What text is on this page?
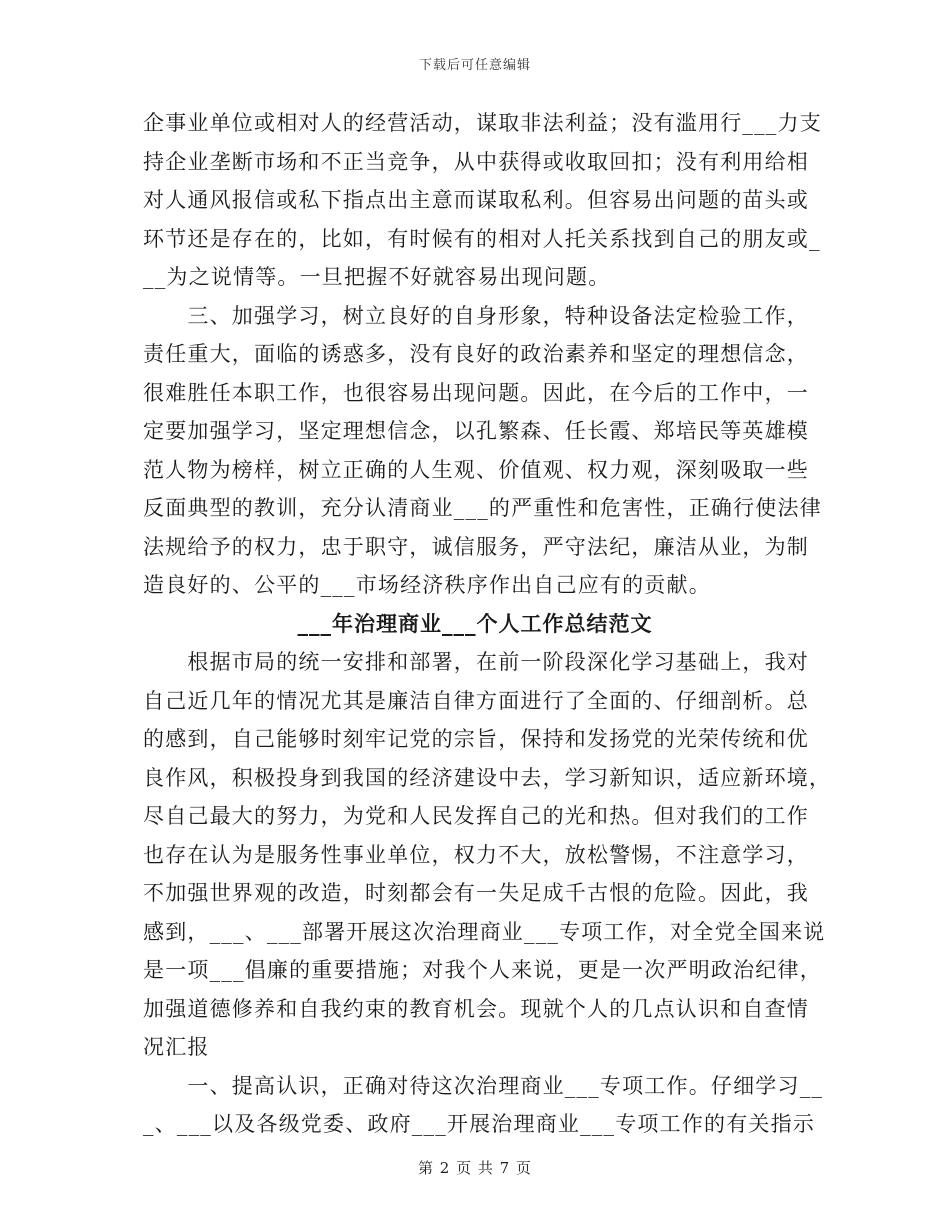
下载后可任意编辑
企事业单位或相对人的经营活动，谋取非法利益；没有滥用行___力支
持企业垄断市场和不正当竞争，从中获得或收取回扣；没有利用给相
对人通风报信或私下指点出主意而谋取私利。但容易出问题的苗头或
环节还是存在的，比如，有时候有的相对人托关系找到自己的朋友或_
__为之说情等。一旦把握不好就容易出现问题。
　　三、加强学习，树立良好的自身形象，特种设备法定检验工作，
责任重大，面临的诱惑多，没有良好的政治素养和坚定的理想信念，
很难胜任本职工作，也很容易出现问题。因此，在今后的工作中，一
定要加强学习，坚定理想信念，以孔繁森、任长霞、郑培民等英雄模
范人物为榜样，树立正确的人生观、价值观、权力观，深刻吸取一些
反面典型的教训，充分认清商业___的严重性和危害性，正确行使法律
法规给予的权力，忠于职守，诚信服务，严守法纪，廉洁从业，为制
造良好的、公平的___市场经济秩序作出自己应有的贡献。
___年治理商业___个人工作总结范文
　　根据市局的统一安排和部署，在前一阶段深化学习基础上，我对
自己近几年的情况尤其是廉洁自律方面进行了全面的、仔细剖析。总
的感到，自己能够时刻牢记党的宗旨，保持和发扬党的光荣传统和优
良作风，积极投身到我国的经济建设中去，学习新知识，适应新环境，
尽自己最大的努力，为党和人民发挥自己的光和热。但对我们的工作
也存在认为是服务性事业单位，权力不大，放松警惕，不注意学习，
不加强世界观的改造，时刻都会有一失足成千古恨的危险。因此，我
感到，___、___部署开展这次治理商业___专项工作，对全党全国来说
是一项___倡廉的重要措施；对我个人来说，更是一次严明政治纪律，
加强道德修养和自我约束的教育机会。现就个人的几点认识和自查情
况汇报
　　一、提高认识，正确对待这次治理商业___专项工作。仔细学习__
_、___以及各级党委、政府___开展治理商业___专项工作的有关指示
第 2 页 共 7 页
